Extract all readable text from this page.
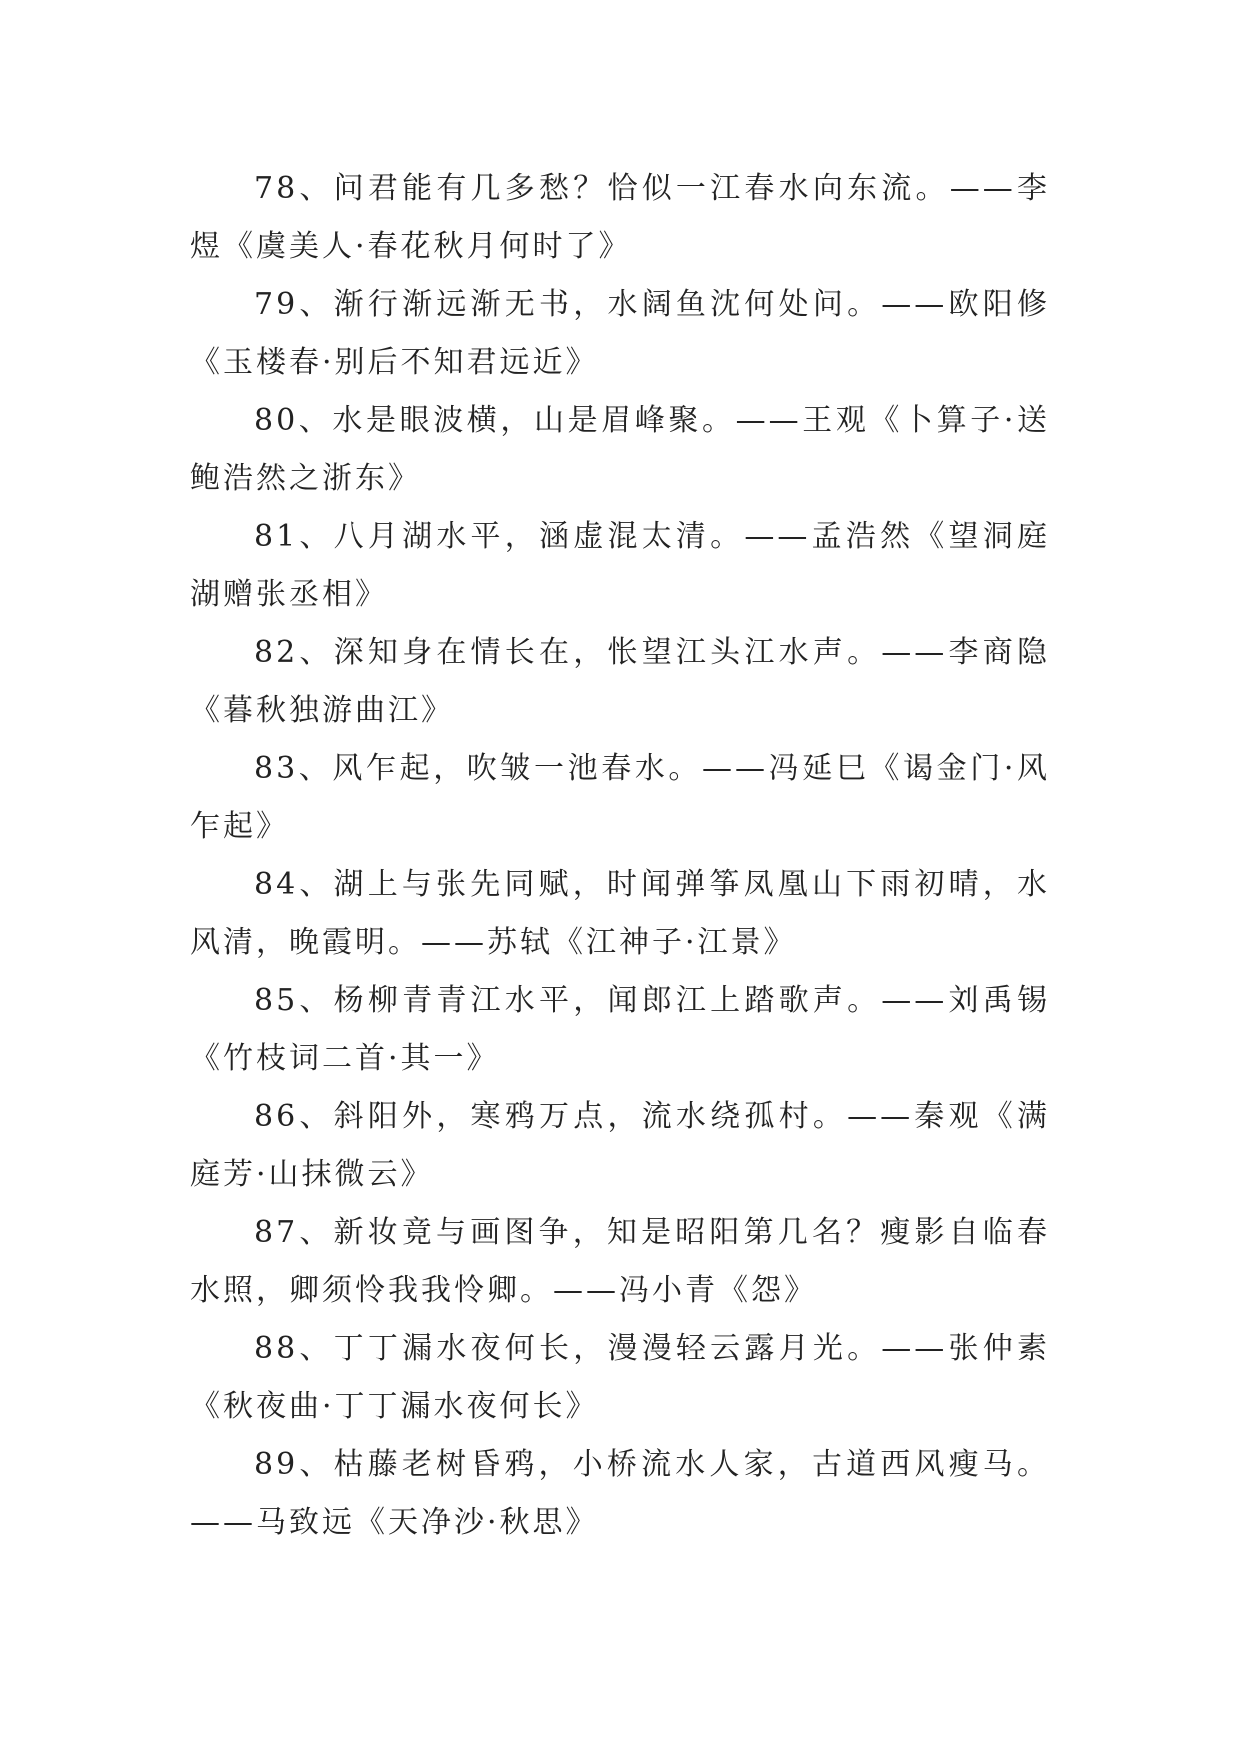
78、问君能有几多愁？恰似一江春水向东流。——李煜《虞美人·春花秋月何时了》

79、渐行渐远渐无书，水阔鱼沈何处问。——欧阳修《玉楼春·别后不知君远近》

80、水是眼波横，山是眉峰聚。——王观《卜算子·送鲍浩然之浙东》

81、八月湖水平，涵虚混太清。——孟浩然《望洞庭湖赠张丞相》

82、深知身在情长在，怅望江头江水声。——李商隐《暮秋独游曲江》

83、风乍起，吹皱一池春水。——冯延巳《谒金门·风乍起》

84、湖上与张先同赋，时闻弹筝凤凰山下雨初晴，水风清，晚霞明。——苏轼《江神子·江景》

85、杨柳青青江水平，闻郎江上踏歌声。——刘禹锡《竹枝词二首·其一》

86、斜阳外，寒鸦万点，流水绕孤村。——秦观《满庭芳·山抹微云》

87、新妆竟与画图争，知是昭阳第几名？瘦影自临春水照，卿须怜我我怜卿。——冯小青《怨》

88、丁丁漏水夜何长，漫漫轻云露月光。——张仲素《秋夜曲·丁丁漏水夜何长》

89、枯藤老树昏鸦，小桥流水人家，古道西风瘦马。——马致远《天净沙·秋思》
